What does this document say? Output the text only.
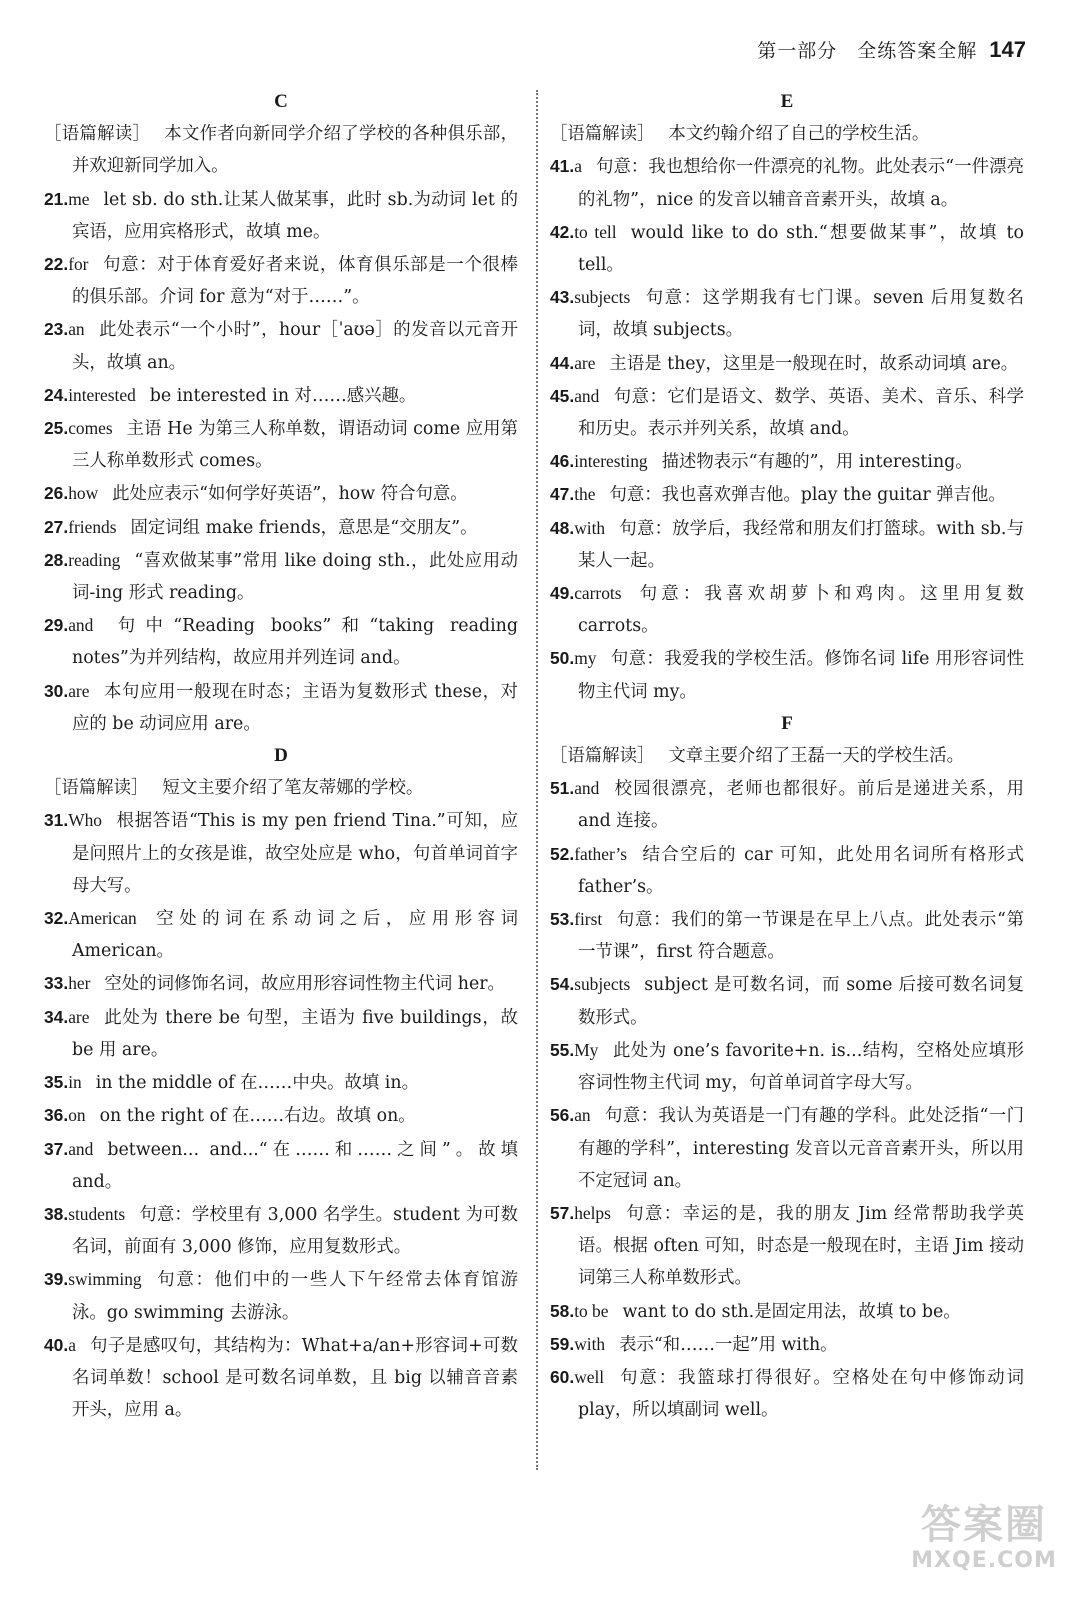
第一部分　全练答案全解 147
C

［语篇解读］ 本文作者向新同学介绍了学校的各种俱乐部，并欢迎新同学加入。

21.me let sb. do sth.让某人做某事，此时 sb.为动词 let 的宾语，应用宾格形式，故填 me。

22.for 句意：对于体育爱好者来说，体育俱乐部是一个很棒的俱乐部。介词 for 意为“对于……”。

23.an 此处表示“一个小时”，hour［ˈaʊə］的发音以元音开头，故填 an。

24.interested be interested in 对……感兴趣。

25.comes 主语 He 为第三人称单数，谓语动词 come 应用第三人称单数形式 comes。

26.how 此处应表示“如何学好英语”，how 符合句意。

27.friends 固定词组 make friends，意思是“交朋友”。

28.reading “喜欢做某事”常用 like doing sth.，此处应用动词-ing 形式 reading。

29.and 句中“Reading books”和“taking reading notes”为并列结构，故应用并列连词 and。

30.are 本句应用一般现在时态；主语为复数形式 these，对应的 be 动词应用 are。

D

［语篇解读］ 短文主要介绍了笔友蒂娜的学校。

31.Who 根据答语“This is my pen friend Tina.”可知，应是问照片上的女孩是谁，故空处应是 who，句首单词首字母大写。

32.American 空处的词在系动词之后，应用形容词 American。

33.her 空处的词修饰名词，故应用形容词性物主代词 her。

34.are 此处为 there be 句型，主语为 five buildings，故 be 用 are。

35.in in the middle of 在……中央。故填 in。

36.on on the right of 在……右边。故填 on。

37.and between... and...“在……和……之间”。故填 and。

38.students 句意：学校里有 3,000 名学生。student 为可数名词，前面有 3,000 修饰，应用复数形式。

39.swimming 句意：他们中的一些人下午经常去体育馆游泳。go swimming 去游泳。

40.a 句子是感叹句，其结构为：What+a/an+形容词+可数名词单数！school 是可数名词单数，且 big 以辅音音素开头，应用 a。

E

［语篇解读］ 本文约翰介绍了自己的学校生活。

41.a 句意：我也想给你一件漂亮的礼物。此处表示“一件漂亮的礼物”，nice 的发音以辅音音素开头，故填 a。

42.to tell would like to do sth.“想要做某事”，故填 to tell。

43.subjects 句意：这学期我有七门课。seven 后用复数名词，故填 subjects。

44.are 主语是 they，这里是一般现在时，故系动词填 are。

45.and 句意：它们是语文、数学、英语、美术、音乐、科学和历史。表示并列关系，故填 and。

46.interesting 描述物表示“有趣的”，用 interesting。

47.the 句意：我也喜欢弹吉他。play the guitar 弹吉他。

48.with 句意：放学后，我经常和朋友们打篮球。with sb.与某人一起。

49.carrots 句意：我喜欢胡萝卜和鸡肉。这里用复数 carrots。

50.my 句意：我爱我的学校生活。修饰名词 life 用形容词性物主代词 my。

F

［语篇解读］ 文章主要介绍了王磊一天的学校生活。

51.and 校园很漂亮，老师也都很好。前后是递进关系，用 and 连接。

52.father’s 结合空后的 car 可知，此处用名词所有格形式 father’s。

53.first 句意：我们的第一节课是在早上八点。此处表示“第一节课”，first 符合题意。

54.subjects subject 是可数名词，而 some 后接可数名词复数形式。

55.My 此处为 one’s favorite+n. is...结构，空格处应填形容词性物主代词 my，句首单词首字母大写。

56.an 句意：我认为英语是一门有趣的学科。此处泛指“一门有趣的学科”，interesting 发音以元音音素开头，所以用不定冠词 an。

57.helps 句意：幸运的是，我的朋友 Jim 经常帮助我学英语。根据 often 可知，时态是一般现在时，主语 Jim 接动词第三人称单数形式。

58.to be want to do sth.是固定用法，故填 to be。

59.with 表示“和……一起”用 with。

60.well 句意：我篮球打得很好。空格处在句中修饰动词 play，所以填副词 well。

答案圈
MXQE.COM
